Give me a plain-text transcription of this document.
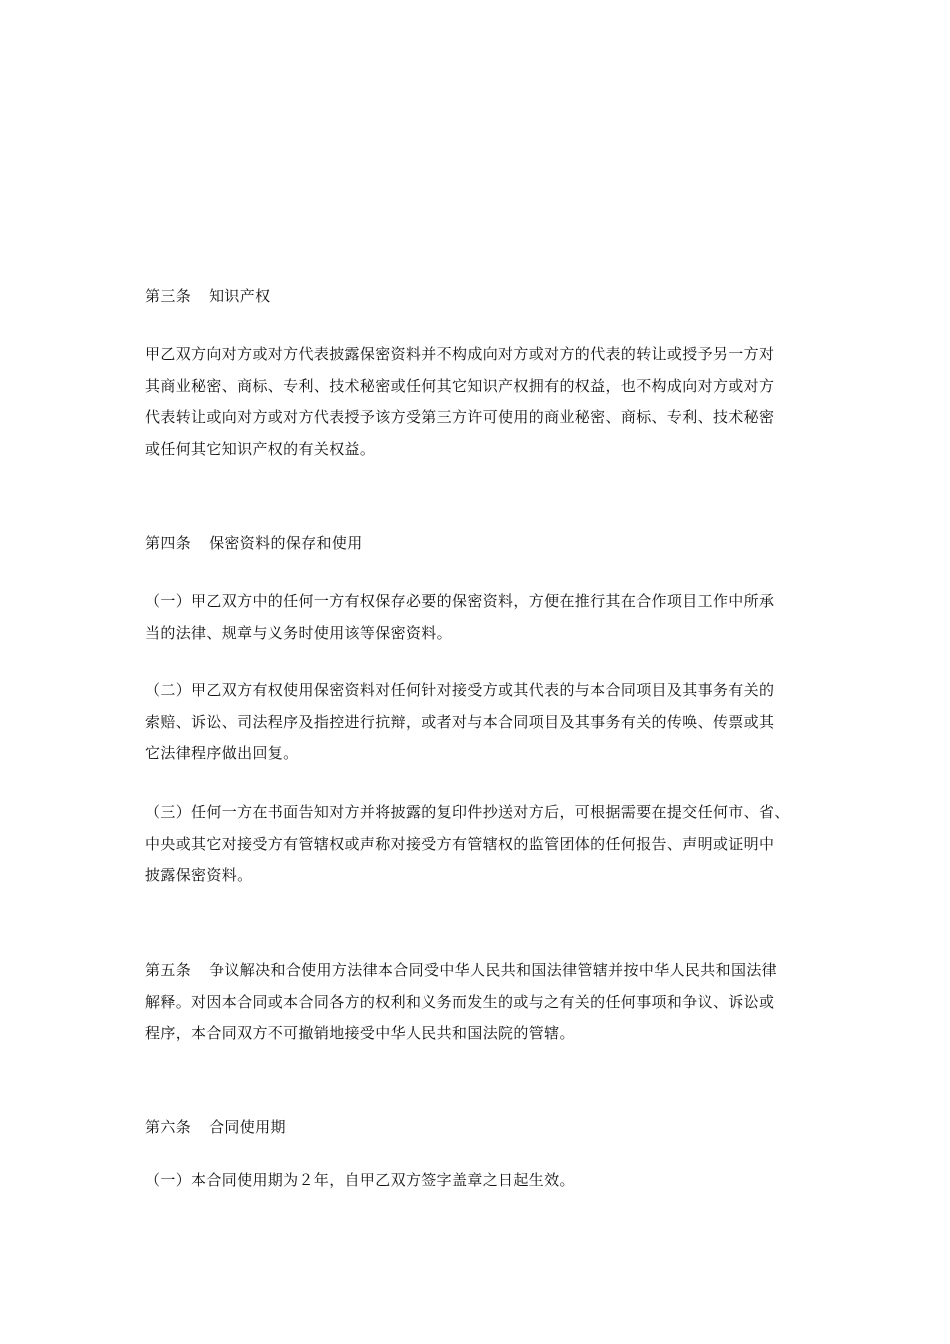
第三条 知识产权
甲乙双方向对方或对方代表披露保密资料并不构成向对方或对方的代表的转让或授予另一方对
其商业秘密、商标、专利、技术秘密或任何其它知识产权拥有的权益，也不构成向对方或对方
代表转让或向对方或对方代表授予该方受第三方许可使用的商业秘密、商标、专利、技术秘密
或任何其它知识产权的有关权益。
第四条 保密资料的保存和使用
（一）甲乙双方中的任何一方有权保存必要的保密资料，方便在推行其在合作项目工作中所承
当的法律、规章与义务时使用该等保密资料。
（二）甲乙双方有权使用保密资料对任何针对接受方或其代表的与本合同项目及其事务有关的
索赔、诉讼、司法程序及指控进行抗辩，或者对与本合同项目及其事务有关的传唤、传票或其
它法律程序做出回复。
（三）任何一方在书面告知对方并将披露的复印件抄送对方后，可根据需要在提交任何市、省、
中央或其它对接受方有管辖权或声称对接受方有管辖权的监管团体的任何报告、声明或证明中
披露保密资料。
第五条 争议解决和合使用方法律本合同受中华人民共和国法律管辖并按中华人民共和国法律
解释。对因本合同或本合同各方的权利和义务而发生的或与之有关的任何事项和争议、诉讼或
程序，本合同双方不可撤销地接受中华人民共和国法院的管辖。
第六条 合同使用期
（一）本合同使用期为２年，自甲乙双方签字盖章之日起生效。
